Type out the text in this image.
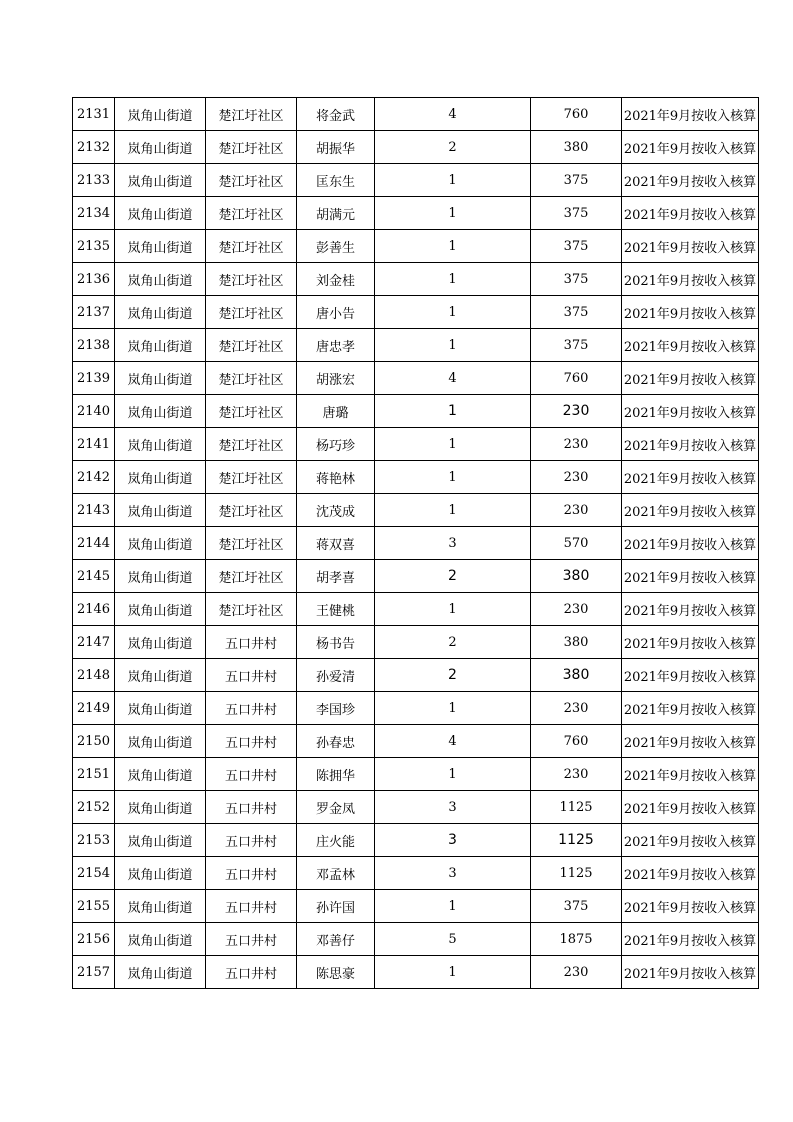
2131	岚角山街道	楚江圩社区	将金武	4	760	2021年9月按收入核算
2132	岚角山街道	楚江圩社区	胡振华	2	380	2021年9月按收入核算
2133	岚角山街道	楚江圩社区	匡东生	1	375	2021年9月按收入核算
2134	岚角山街道	楚江圩社区	胡满元	1	375	2021年9月按收入核算
2135	岚角山街道	楚江圩社区	彭善生	1	375	2021年9月按收入核算
2136	岚角山街道	楚江圩社区	刘金桂	1	375	2021年9月按收入核算
2137	岚角山街道	楚江圩社区	唐小告	1	375	2021年9月按收入核算
2138	岚角山街道	楚江圩社区	唐忠孝	1	375	2021年9月按收入核算
2139	岚角山街道	楚江圩社区	胡涨宏	4	760	2021年9月按收入核算
2140	岚角山街道	楚江圩社区	唐璐	1	230	2021年9月按收入核算
2141	岚角山街道	楚江圩社区	杨巧珍	1	230	2021年9月按收入核算
2142	岚角山街道	楚江圩社区	蒋艳林	1	230	2021年9月按收入核算
2143	岚角山街道	楚江圩社区	沈茂成	1	230	2021年9月按收入核算
2144	岚角山街道	楚江圩社区	蒋双喜	3	570	2021年9月按收入核算
2145	岚角山街道	楚江圩社区	胡孝喜	2	380	2021年9月按收入核算
2146	岚角山街道	楚江圩社区	王健桃	1	230	2021年9月按收入核算
2147	岚角山街道	五口井村	杨书告	2	380	2021年9月按收入核算
2148	岚角山街道	五口井村	孙爱清	2	380	2021年9月按收入核算
2149	岚角山街道	五口井村	李国珍	1	230	2021年9月按收入核算
2150	岚角山街道	五口井村	孙春忠	4	760	2021年9月按收入核算
2151	岚角山街道	五口井村	陈拥华	1	230	2021年9月按收入核算
2152	岚角山街道	五口井村	罗金凤	3	1125	2021年9月按收入核算
2153	岚角山街道	五口井村	庄火能	3	1125	2021年9月按收入核算
2154	岚角山街道	五口井村	邓孟林	3	1125	2021年9月按收入核算
2155	岚角山街道	五口井村	孙许国	1	375	2021年9月按收入核算
2156	岚角山街道	五口井村	邓善仔	5	1875	2021年9月按收入核算
2157	岚角山街道	五口井村	陈思豪	1	230	2021年9月按收入核算
